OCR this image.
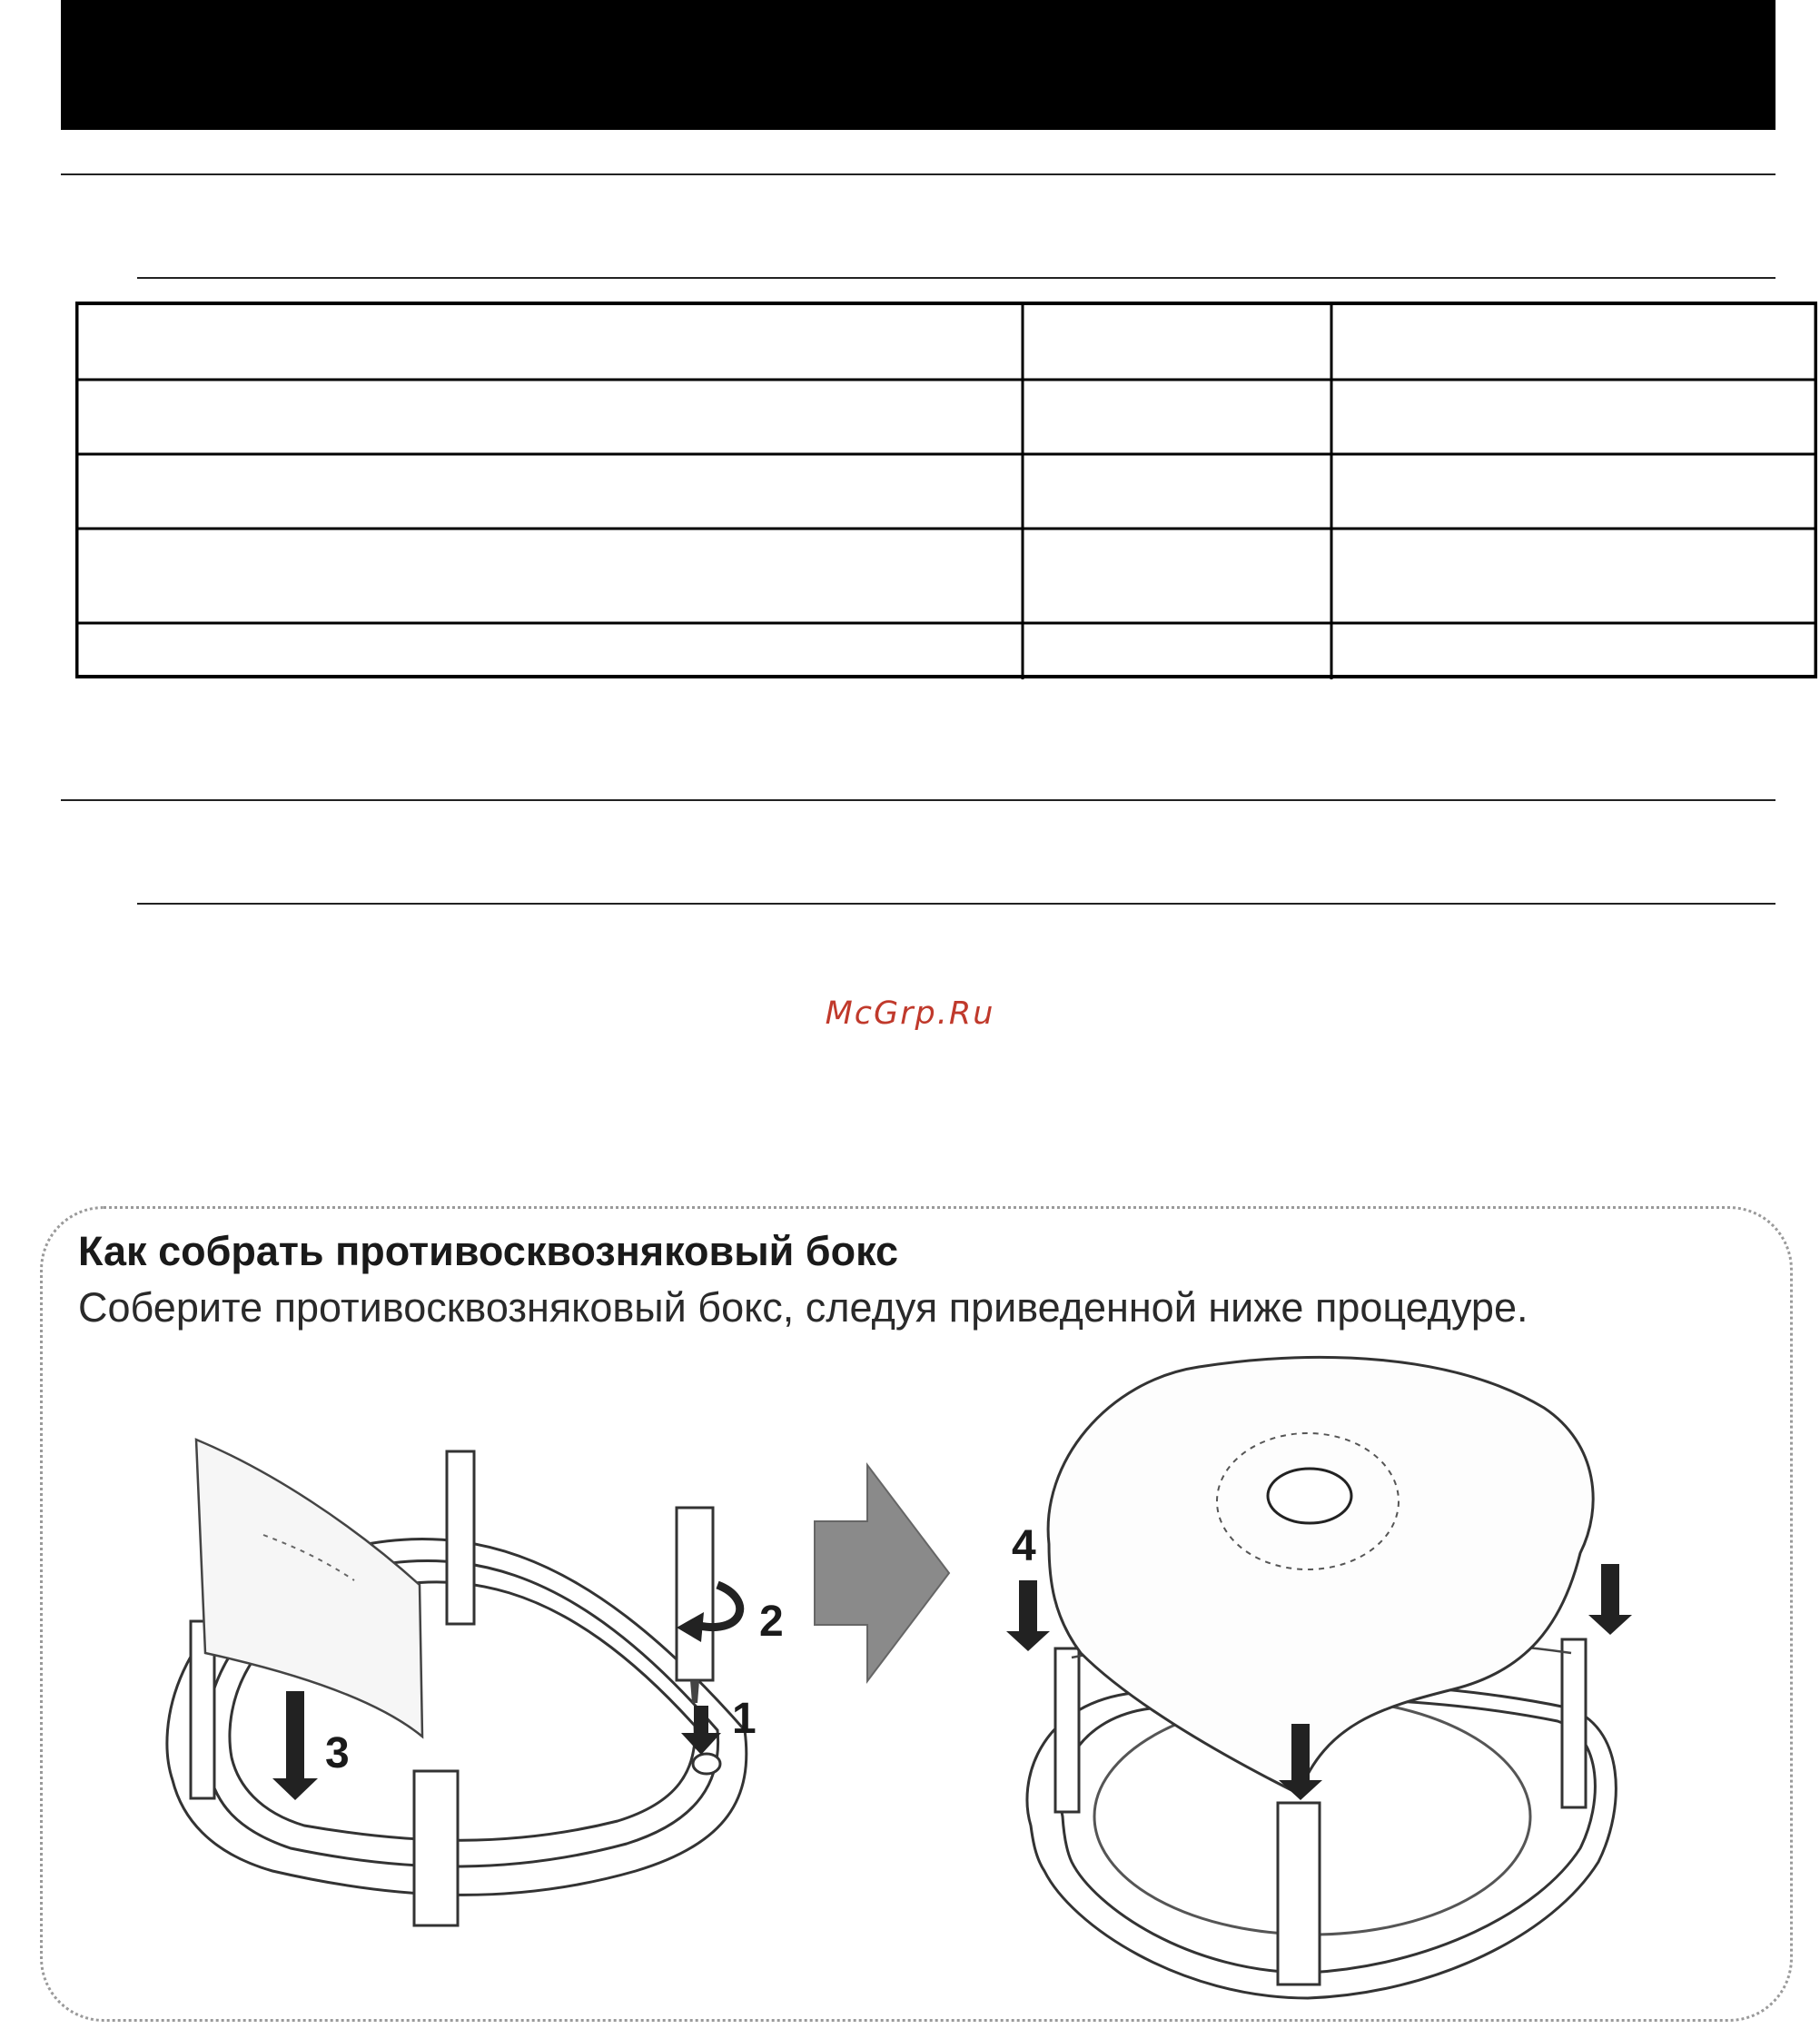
McGrp.Ru
Как собрать противосквозняковый бокс
Соберите противосквозняковый бокс, следуя приведенной ниже процедуре.
1
2
3
4
